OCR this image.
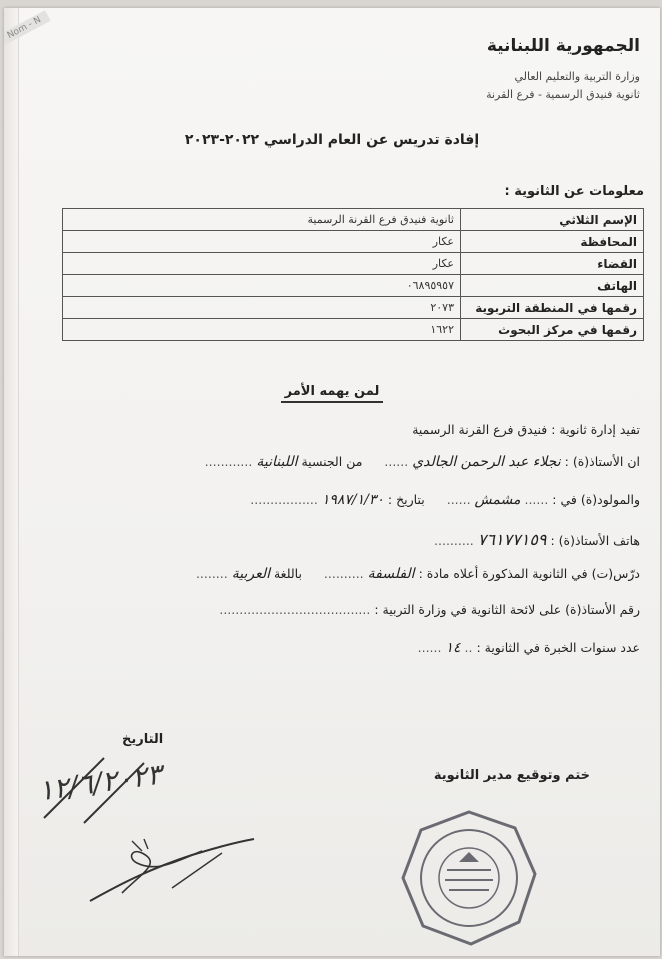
Nom - N
الجمهورية اللبنانية
وزارة التربية والتعليم العالي
ثانوية فنيدق الرسمية - فرع القرنة
إفادة تدريس عن العام الدراسي ٢٠٢٢-٢٠٢٣
معلومات عن الثانوية :
الإسم الثلاثي	ثانوية فنيدق فرع القرنة الرسمية
المحافظة	عكار
القضاء	عكار
الهاتف	٠٦٨٩٥٩٥٧
رقمها في المنطقة التربوية	٢٠٧٣
رقمها في مركز البحوث	١٦٢٢
لمن يهمه الأمر
تفيد إدارة ثانوية : فنيدق فرع القرنة الرسمية
ان الأستاذ(ة) : نجلاء عبد الرحمن الجالدي ......  من الجنسية اللبنانية ............
والمولود(ة) في : ...... مشمش ......  بتاريخ : ١٩٨٧/١/٣٠ .................
هاتف الأستاذ(ة) : ٧٦١٧٧١٥٩ ..........
درّس(ت) في الثانوية المذكورة أعلاه مادة : الفلسفة ..........  باللغة العربية ........
رقم الأستاذ(ة) على لائحة الثانوية في وزارة التربية : ......................................
عدد سنوات الخبرة في الثانوية : .. ١٤ ......
التاريخ
١٢/٦/٢٠٢٣	ختم وتوقيع مدير الثانوية
